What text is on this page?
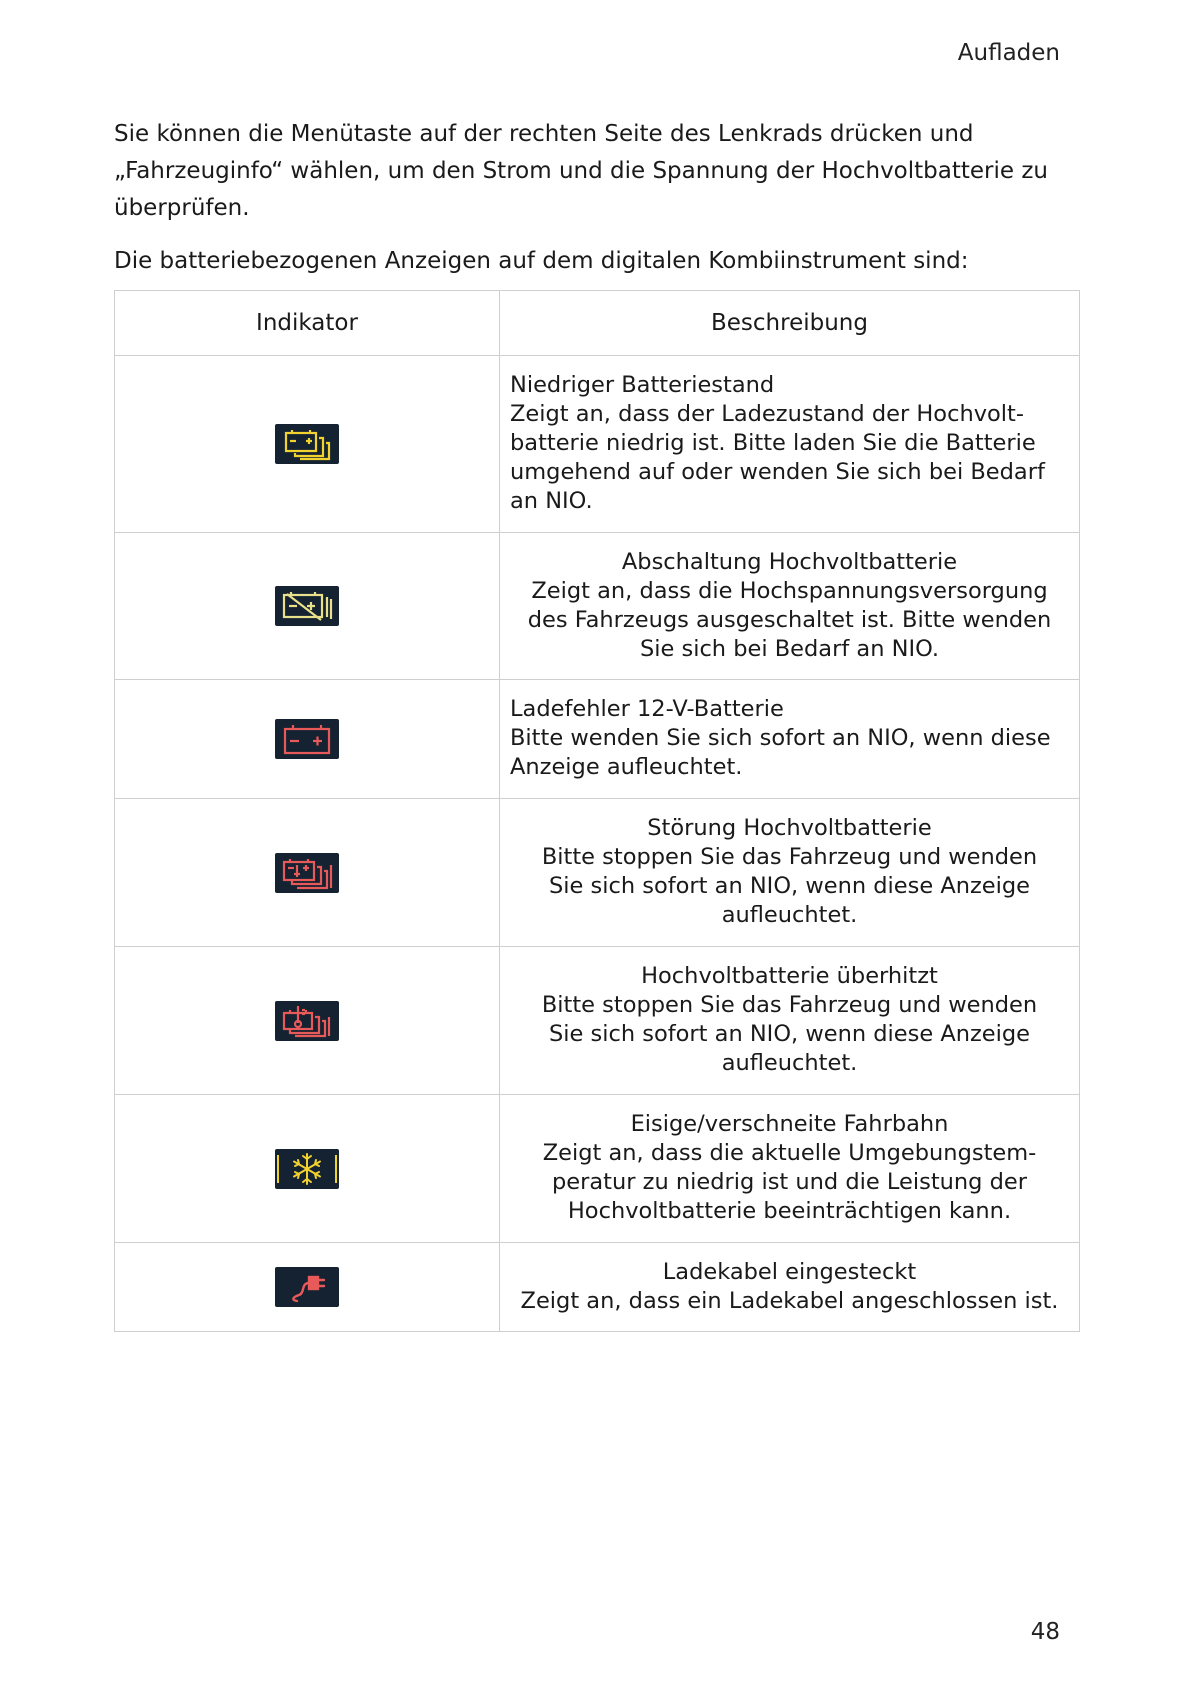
Aufladen

Sie können die Menütaste auf der rechten Seite des Lenkrads drücken und
„Fahrzeuginfo“ wählen, um den Strom und die Spannung der Hochvoltbatterie zu
überprüfen.

Die batteriebezogenen Anzeigen auf dem digitalen Kombiinstrument sind:

Indikator	Beschreibung

Niedriger Batteriestand
Zeigt an, dass der Ladezustand der Hochvolt-
batterie niedrig ist. Bitte laden Sie die Batterie
umgehend auf oder wenden Sie sich bei Bedarf
an NIO.

Abschaltung Hochvoltbatterie
Zeigt an, dass die Hochspannungsversorgung
des Fahrzeugs ausgeschaltet ist. Bitte wenden
Sie sich bei Bedarf an NIO.

Ladefehler 12-V-Batterie
Bitte wenden Sie sich sofort an NIO, wenn diese
Anzeige aufleuchtet.

Störung Hochvoltbatterie
Bitte stoppen Sie das Fahrzeug und wenden
Sie sich sofort an NIO, wenn diese Anzeige
aufleuchtet.

Hochvoltbatterie überhitzt
Bitte stoppen Sie das Fahrzeug und wenden
Sie sich sofort an NIO, wenn diese Anzeige
aufleuchtet.

Eisige/verschneite Fahrbahn
Zeigt an, dass die aktuelle Umgebungstem-
peratur zu niedrig ist und die Leistung der
Hochvoltbatterie beeinträchtigen kann.

Ladekabel eingesteckt
Zeigt an, dass ein Ladekabel angeschlossen ist.
48
